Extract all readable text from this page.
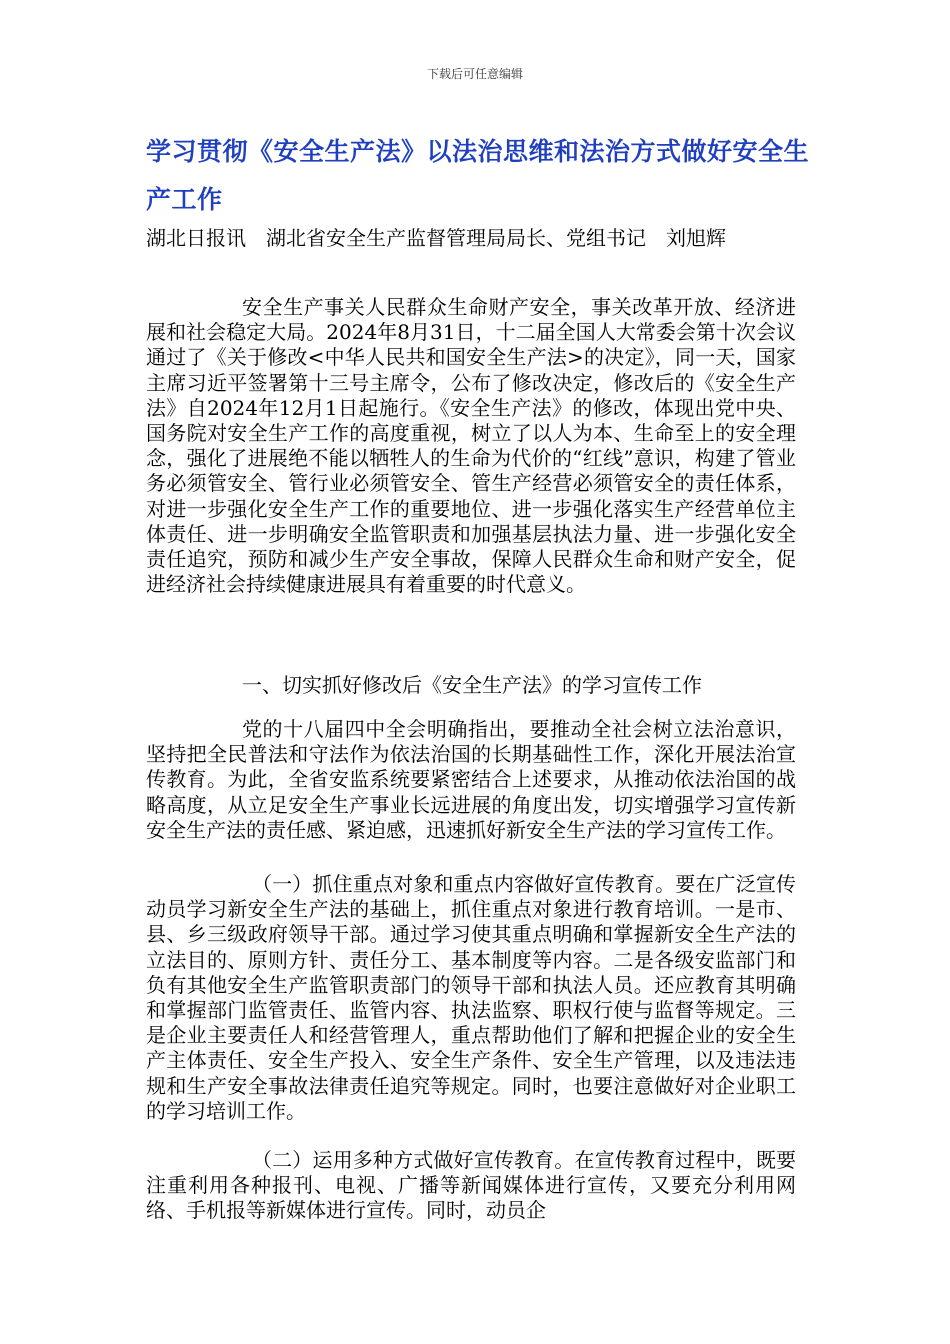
下载后可任意编辑
学习贯彻《安全生产法》以法治思维和法治方式做好安全生产工作
湖北日报讯　湖北省安全生产监督管理局局长、党组书记　刘旭辉

安全生产事关人民群众生命财产安全，事关改革开放、经济进展和社会稳定大局。2024年8月31日，十二届全国人大常委会第十次会议通过了《关于修改<中华人民共和国安全生产法>的决定》，同一天，国家主席习近平签署第十三号主席令，公布了修改决定，修改后的《安全生产法》自2024年12月1日起施行。《安全生产法》的修改，体现出党中央、国务院对安全生产工作的高度重视，树立了以人为本、生命至上的安全理念，强化了进展绝不能以牺牲人的生命为代价的“红线”意识，构建了管业务必须管安全、管行业必须管安全、管生产经营必须管安全的责任体系，对进一步强化安全生产工作的重要地位、进一步强化落实生产经营单位主体责任、进一步明确安全监管职责和加强基层执法力量、进一步强化安全责任追究，预防和减少生产安全事故，保障人民群众生命和财产安全，促进经济社会持续健康进展具有着重要的时代意义。

一、切实抓好修改后《安全生产法》的学习宣传工作

党的十八届四中全会明确指出，要推动全社会树立法治意识，坚持把全民普法和守法作为依法治国的长期基础性工作，深化开展法治宣传教育。为此，全省安监系统要紧密结合上述要求，从推动依法治国的战略高度，从立足安全生产事业长远进展的角度出发，切实增强学习宣传新安全生产法的责任感、紧迫感，迅速抓好新安全生产法的学习宣传工作。

（一）抓住重点对象和重点内容做好宣传教育。要在广泛宣传动员学习新安全生产法的基础上，抓住重点对象进行教育培训。一是市、县、乡三级政府领导干部。通过学习使其重点明确和掌握新安全生产法的立法目的、原则方针、责任分工、基本制度等内容。二是各级安监部门和负有其他安全生产监管职责部门的领导干部和执法人员。还应教育其明确和掌握部门监管责任、监管内容、执法监察、职权行使与监督等规定。三是企业主要责任人和经营管理人，重点帮助他们了解和把握企业的安全生产主体责任、安全生产投入、安全生产条件、安全生产管理，以及违法违规和生产安全事故法律责任追究等规定。同时，也要注意做好对企业职工的学习培训工作。

（二）运用多种方式做好宣传教育。在宣传教育过程中，既要注重利用各种报刊、电视、广播等新闻媒体进行宣传，又要充分利用网络、手机报等新媒体进行宣传。同时，动员企
